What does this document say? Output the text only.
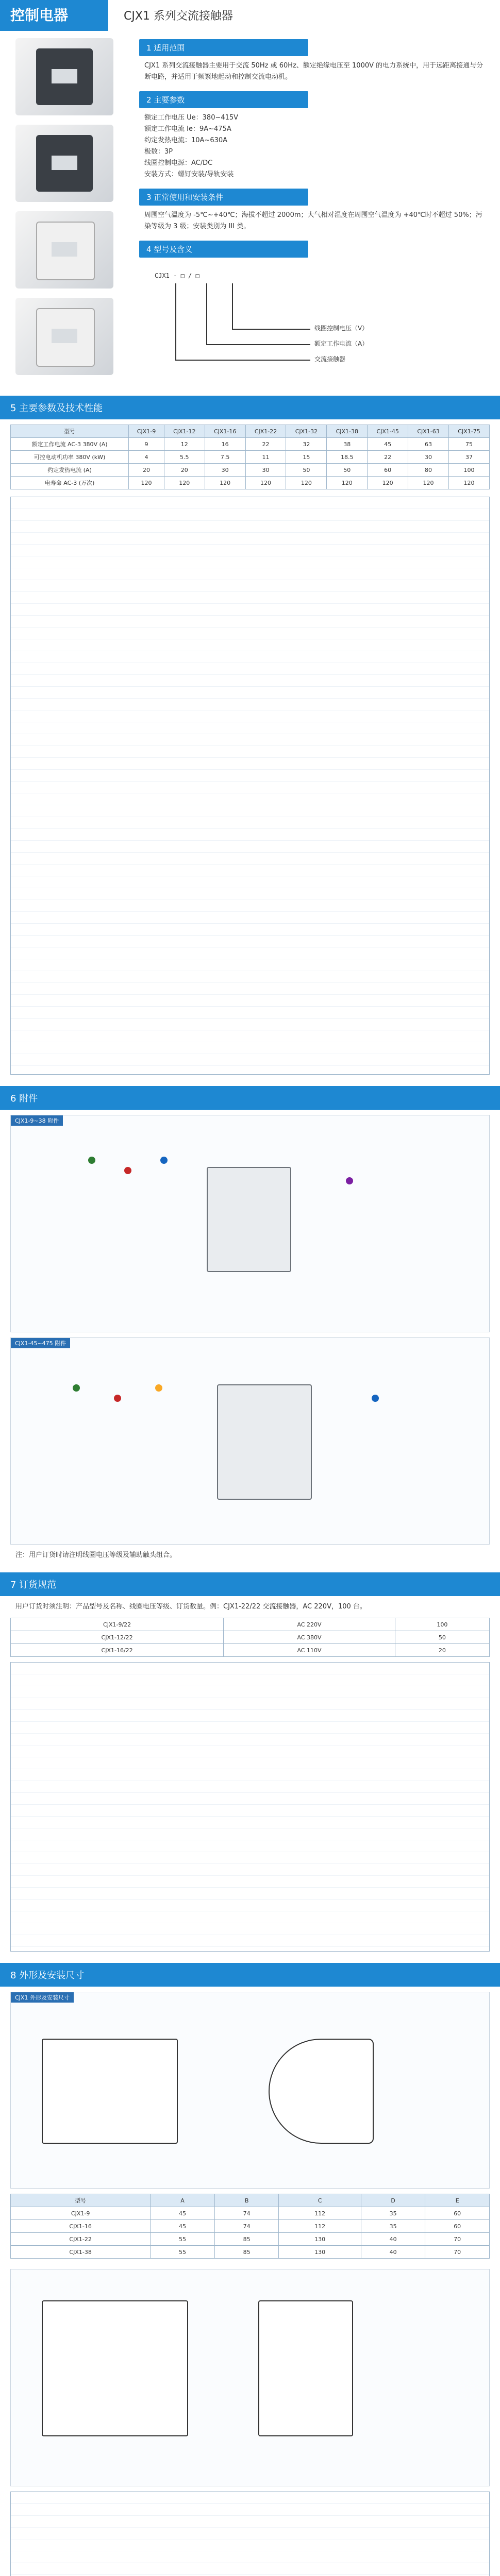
控制电器	CJX1 系列交流接触器
1 适用范围
CJX1 系列交流接触器主要用于交流 50Hz 或 60Hz、额定绝缘电压至 1000V 的电力系统中，用于远距离接通与分断电路，并适用于频繁地起动和控制交流电动机。
2 主要参数
额定工作电压 Ue：380~415V
额定工作电流 Ie：9A~475A
约定发热电流：10A~630A
极数：3P
线圈控制电源：AC/DC
安装方式：螺钉安装/导轨安装
3 正常使用和安装条件
周围空气温度为 -5℃~+40℃；海拔不超过 2000m；大气相对湿度在周围空气温度为 +40℃时不超过 50%；污染等级为 3 级；安装类别为 III 类。
4 型号及含义
CJX1 - □ / □
线圈控制电压（V）
额定工作电流（A）
交流接触器
5 主要参数及技术性能
型号	CJX1-9	CJX1-12	CJX1-16	CJX1-22	CJX1-32	CJX1-38	CJX1-45	CJX1-63	CJX1-75
额定工作电流 AC-3 380V (A)	9	12	16	22	32	38	45	63	75
可控电动机功率 380V (kW)	4	5.5	7.5	11	15	18.5	22	30	37
约定发热电流 (A)	20	20	30	30	50	50	60	80	100
电寿命 AC-3 (万次)	120	120	120	120	120	120	120	120	120
6 附件
CJX1-9~38 附件
CJX1-45~475 附件
注：用户订货时请注明线圈电压等级及辅助触头组合。
7 订货规范
用户订货时须注明：产品型号及名称、线圈电压等级、订货数量。例：CJX1-22/22 交流接触器，AC 220V，100 台。
CJX1-9/22	AC 220V	100
CJX1-12/22	AC 380V	50
CJX1-16/22	AC 110V	20
8 外形及安装尺寸
CJX1 外形及安装尺寸
型号	A	B	C	D	E
CJX1-9	45	74	112	35	60
CJX1-16	45	74	112	35	60
CJX1-22	55	85	130	40	70
CJX1-38	55	85	130	40	70
